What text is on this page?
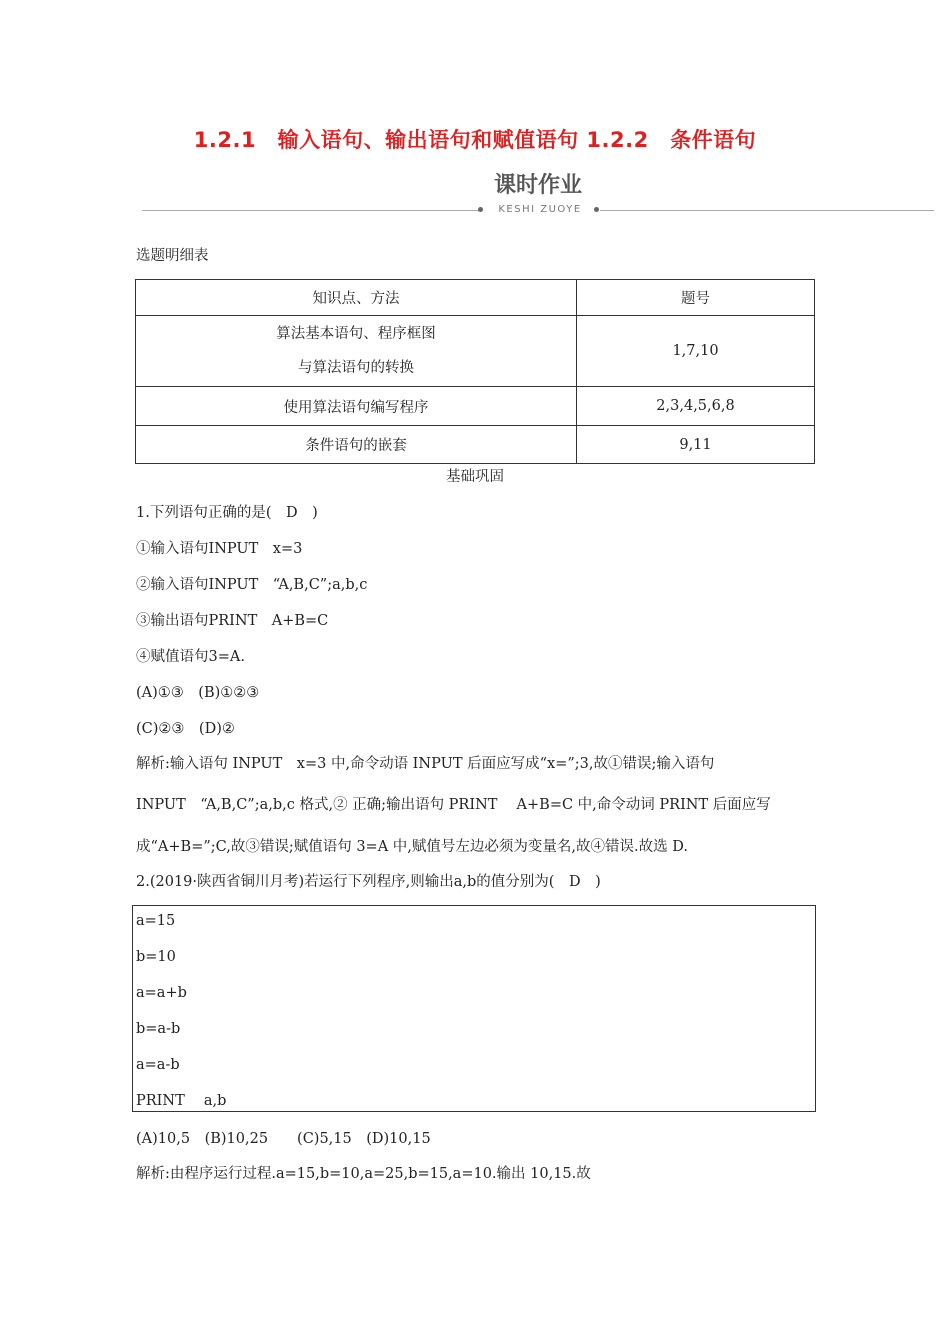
1.2.1　输入语句、输出语句和赋值语句 1.2.2　条件语句
课时作业
KESHI ZUOYE
选题明细表
知识点、方法	题号

算法基本语句、程序框图
与算法语句的转换	1,7,10
使用算法语句编写程序	2,3,4,5,6,8
条件语句的嵌套	9,11
基础巩固
1.下列语句正确的是(　D　)
①输入语句INPUT　x=3
②输入语句INPUT　“A,B,C”;a,b,c
③输出语句PRINT　A+B=C
④赋值语句3=A.
(A)①③　(B)①②③
(C)②③　(D)②
解析:输入语句 INPUT　x=3 中,命令动语 INPUT 后面应写成“x=”;3,故①错误;输入语句
INPUT　“A,B,C”;a,b,c 格式,② 正确;输出语句 PRINT　 A+B=C 中,命令动词 PRINT 后面应写
成“A+B=”;C,故③错误;赋值语句 3=A 中,赋值号左边必须为变量名,故④错误.故选 D.
2.(2019·陕西省铜川月考)若运行下列程序,则输出a,b的值分别为(　D　)
a=15
b=10
a=a+b
b=a-b
a=a-b
PRINT　 a,b
(A)10,5　(B)10,25　　(C)5,15　(D)10,15
解析:由程序运行过程.a=15,b=10,a=25,b=15,a=10.输出 10,15.故
